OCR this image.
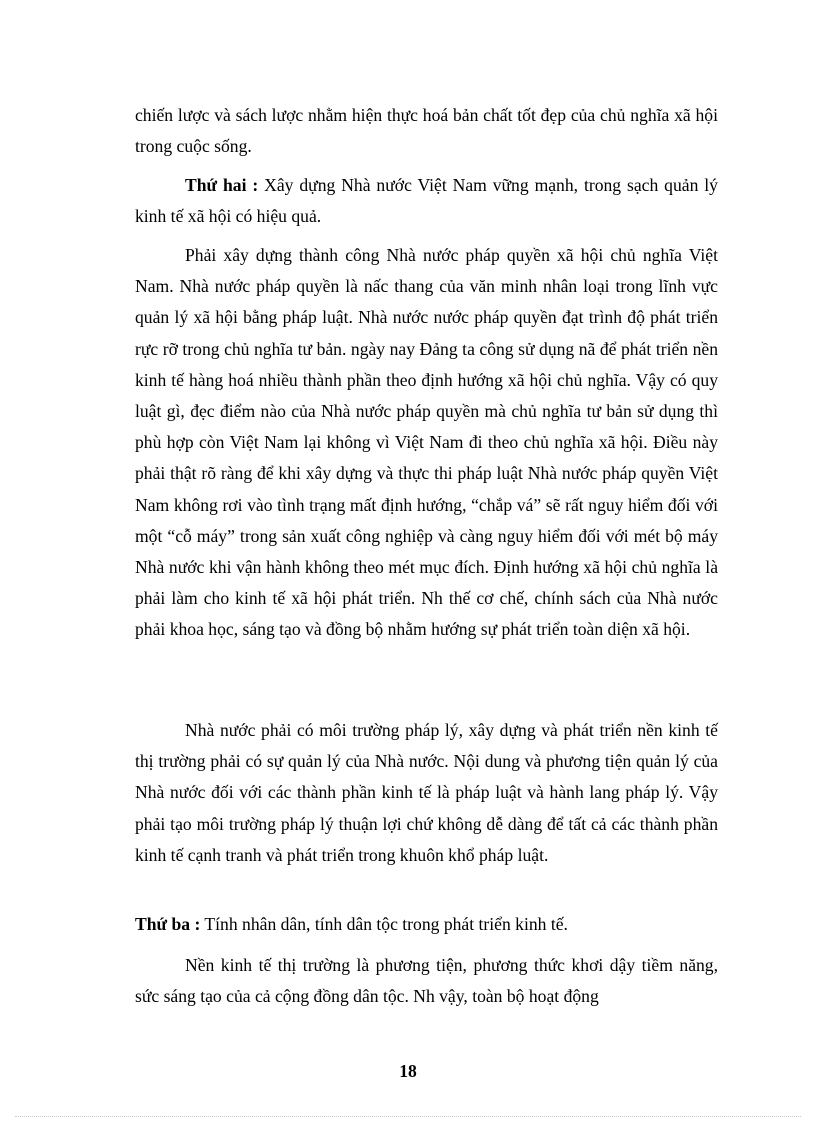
chiến lược và sách lược nhằm hiện thực hoá bản chất tốt đẹp của chủ nghĩa xã hội trong cuộc sống.

Thứ hai : Xây dựng Nhà nước Việt Nam vững mạnh, trong sạch quản lý kinh tế xã hội có hiệu quả.

Phải xây dựng thành công Nhà nước pháp quyền xã hội chủ nghĩa Việt Nam. Nhà nước pháp quyền là nấc thang của văn minh nhân loại trong lĩnh vực quản lý xã hội bằng pháp luật. Nhà nước nước pháp quyền đạt trình độ phát triển rực rỡ trong chủ nghĩa tư bản. ngày nay Đảng ta công sử dụng nã để phát triển nền kinh tế hàng hoá nhiều thành phần theo định hướng xã hội chủ nghĩa. Vậy có quy luật gì, đẹc điểm nào của Nhà nước pháp quyền mà chủ nghĩa tư bản sử dụng thì phù hợp còn Việt Nam lại không vì Việt Nam đi theo chủ nghĩa xã hội. Điều này phải thật rõ ràng để khi xây dựng và thực thi pháp luật Nhà nước pháp quyền Việt Nam không rơi vào tình trạng mất định hướng, “chắp vá” sẽ rất nguy hiểm đối với một “cỗ máy” trong sản xuất công nghiệp và càng nguy hiểm đối với mét bộ máy Nhà nước khi vận hành không theo mét mục đích. Định hướng xã hội chủ nghĩa là phải làm cho kinh tế xã hội phát triển. Nh thế cơ chế, chính sách của Nhà nước phải khoa học, sáng tạo và đồng bộ nhằm hướng sự phát triển toàn diện xã hội.

Nhà nước phải có môi trường pháp lý, xây dựng và phát triển nền kinh tế thị trường phải có sự quản lý của Nhà nước. Nội dung và phương tiện quản lý của Nhà nước đối với các thành phần kinh tế là pháp luật và hành lang pháp lý. Vậy phải tạo môi trường pháp lý thuận lợi chứ không dễ dàng để tất cả các thành phần kinh tế cạnh tranh và phát triển trong khuôn khổ pháp luật.

Thứ ba : Tính nhân dân, tính dân tộc trong phát triển kinh tế.

Nền kinh tế thị trường là phương tiện, phương thức khơi dậy tiềm năng, sức sáng tạo của cả cộng đồng dân tộc. Nh vậy, toàn bộ hoạt động

18
